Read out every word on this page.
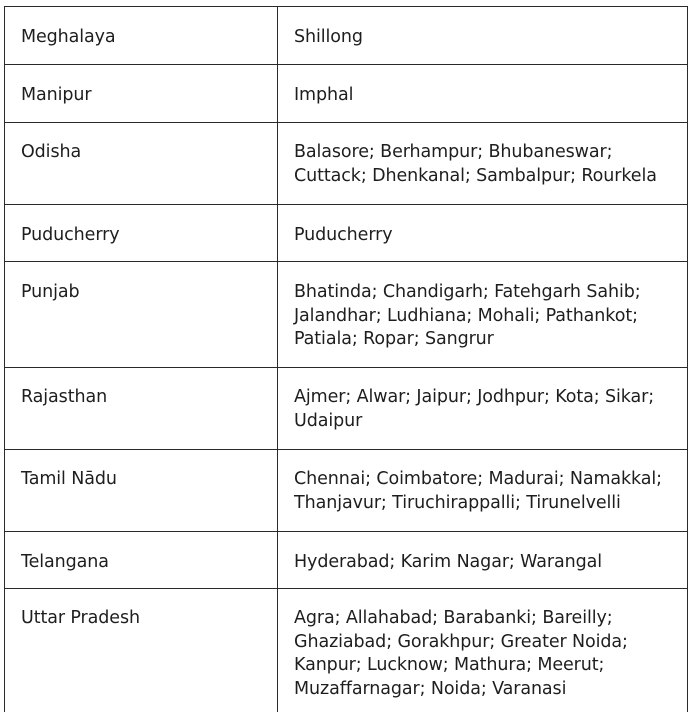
Meghalaya	Shillong
Manipur	Imphal
Odisha	Balasore; Berhampur; Bhubaneswar; Cuttack; Dhenkanal; Sambalpur; Rourkela
Puducherry	Puducherry
Punjab	Bhatinda; Chandigarh; Fatehgarh Sahib; Jalandhar; Ludhiana; Mohali; Pathankot; Patiala; Ropar; Sangrur
Rajasthan	Ajmer; Alwar; Jaipur; Jodhpur; Kota; Sikar; Udaipur
Tamil Nādu	Chennai; Coimbatore; Madurai; Namakkal; Thanjavur; Tiruchirappalli; Tirunelvelli
Telangana	Hyderabad; Karim Nagar; Warangal
Uttar Pradesh	Agra; Allahabad; Barabanki; Bareilly; Ghaziabad; Gorakhpur; Greater Noida; Kanpur; Lucknow; Mathura; Meerut; Muzaffarnagar; Noida; Varanasi
